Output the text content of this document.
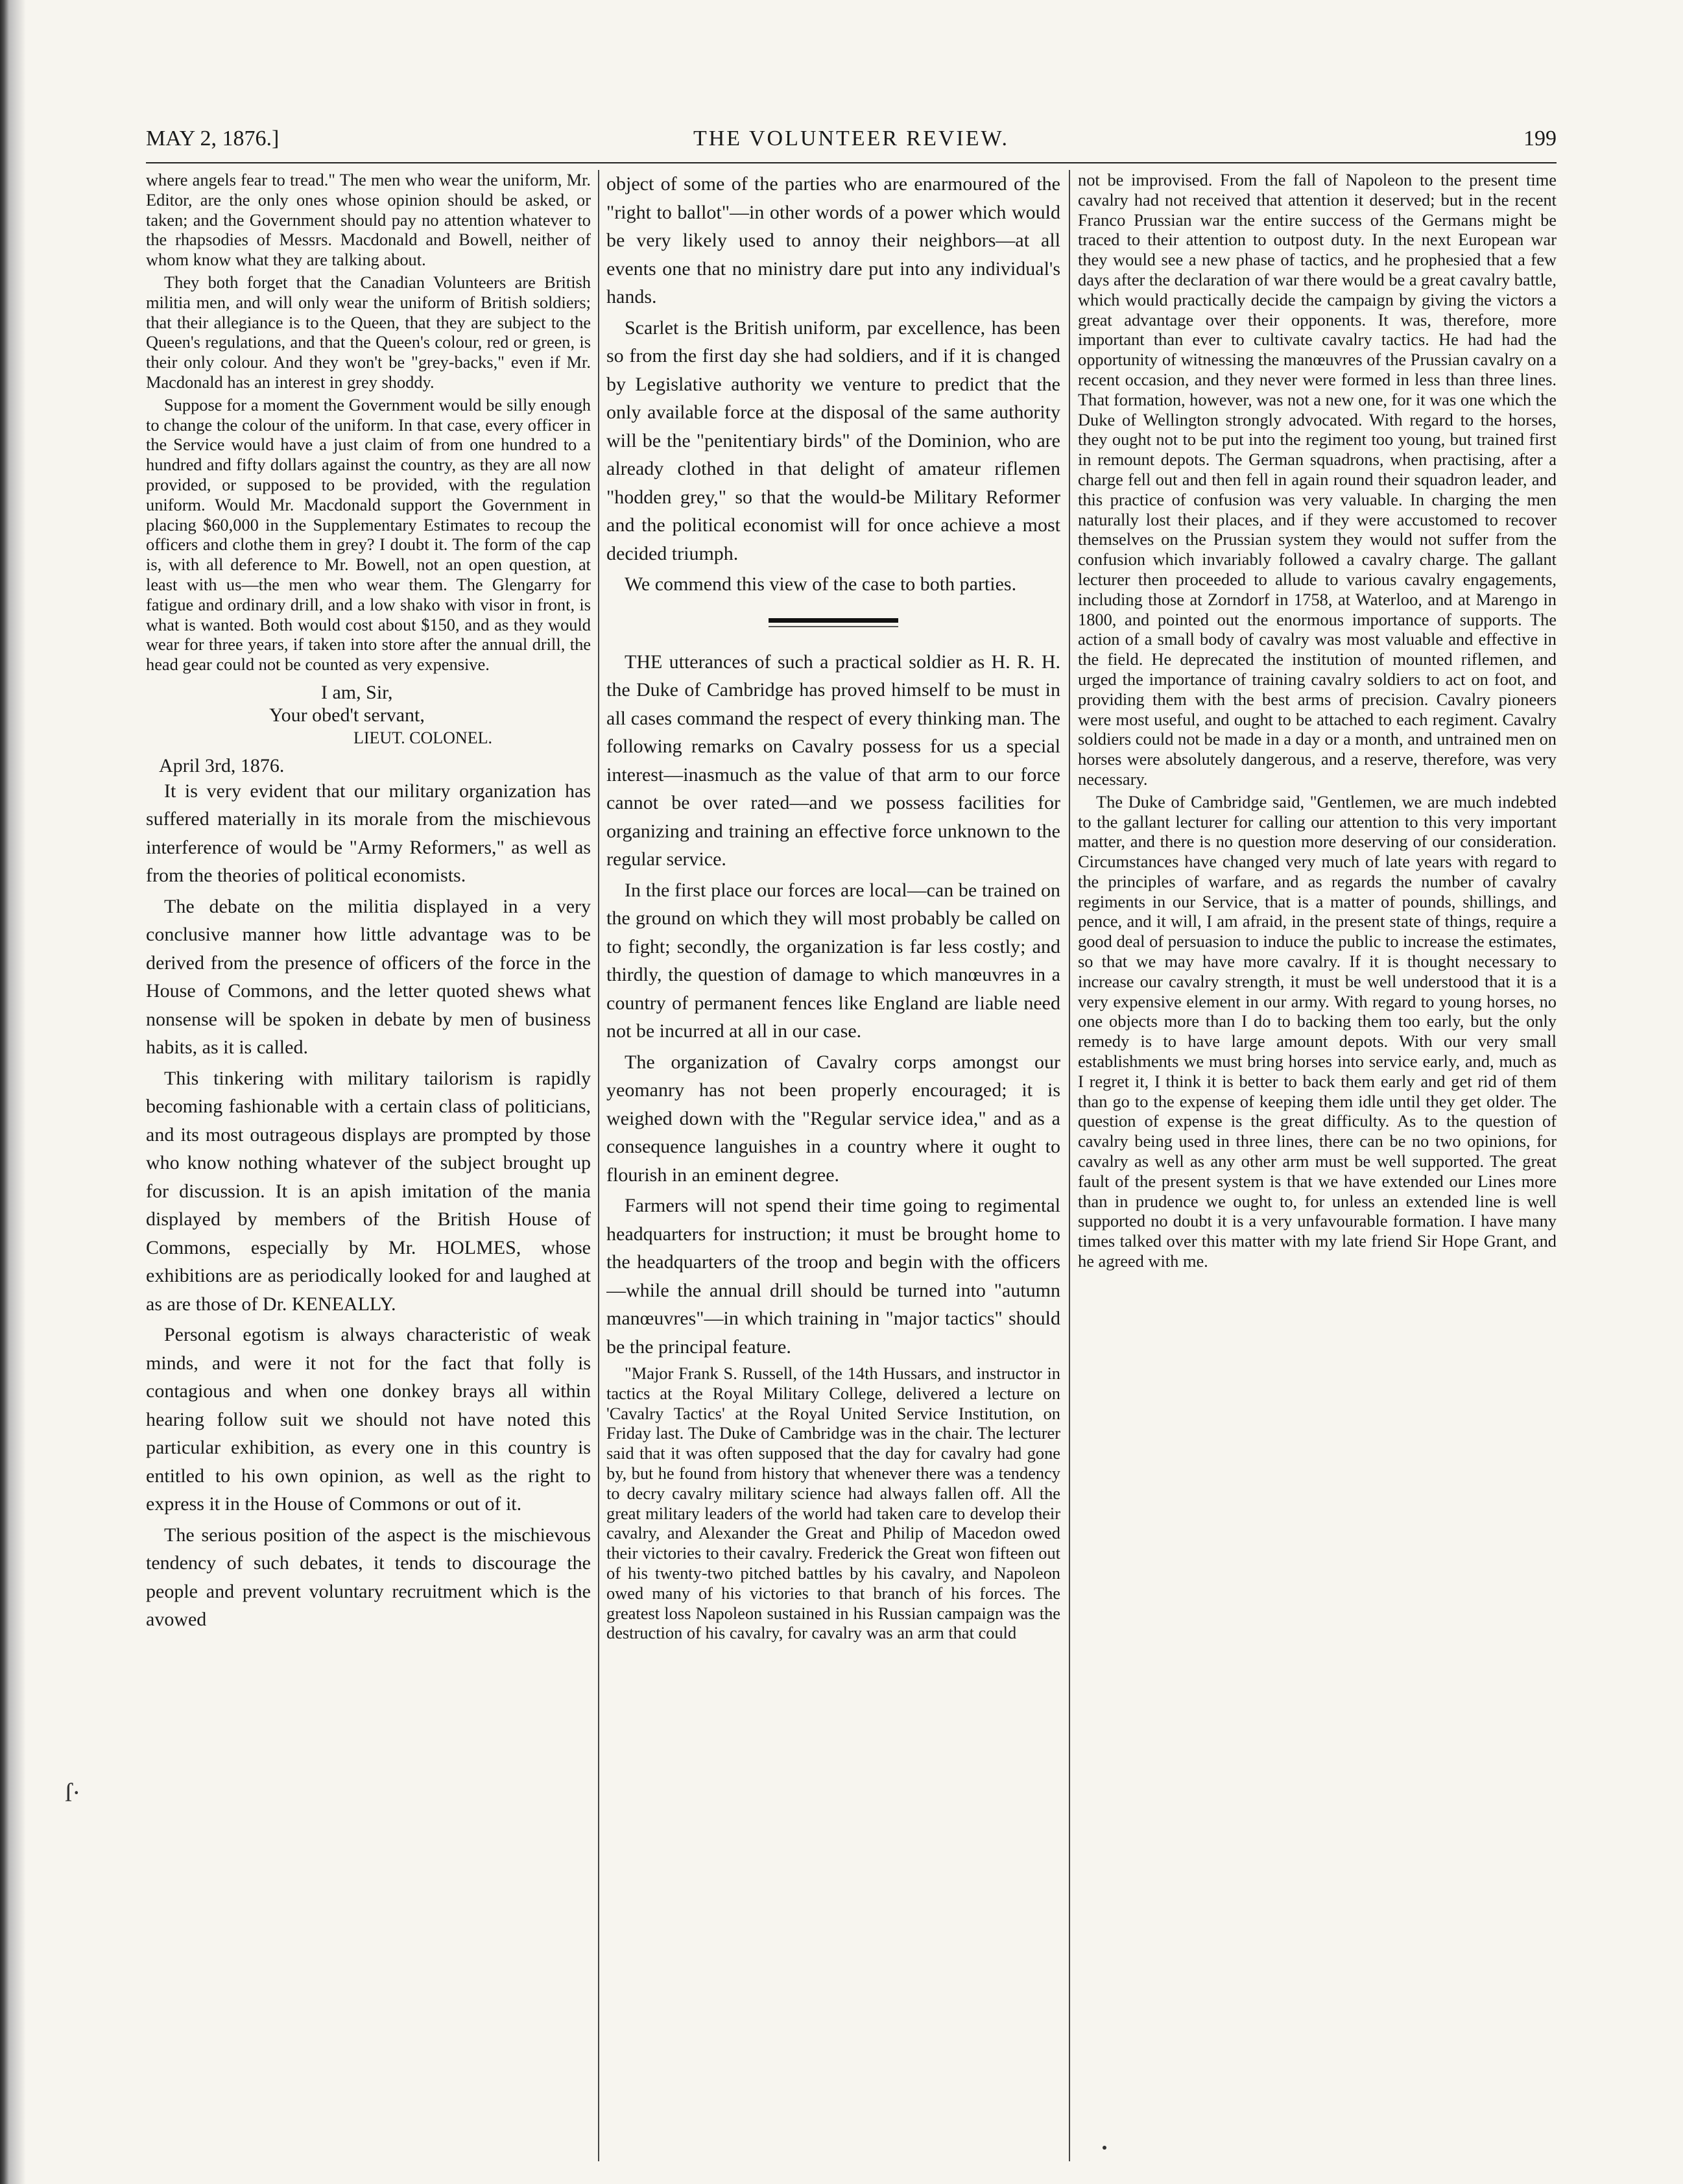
MAY 2, 1876.]	THE VOLUNTEER REVIEW.	199

where angels fear to tread." The men who wear the uniform, Mr. Editor, are the only ones whose opinion should be asked, or taken; and the Government should pay no attention whatever to the rhapsodies of Messrs. Macdonald and Bowell, neither of whom know what they are talking about.

They both forget that the Canadian Volunteers are British militia men, and will only wear the uniform of British soldiers; that their allegiance is to the Queen, that they are subject to the Queen's regulations, and that the Queen's colour, red or green, is their only colour. And they won't be "grey-backs," even if Mr. Macdonald has an interest in grey shoddy.

Suppose for a moment the Government would be silly enough to change the colour of the uniform. In that case, every officer in the Service would have a just claim of from one hundred to a hundred and fifty dollars against the country, as they are all now provided, or supposed to be provided, with the regulation uniform. Would Mr. Macdonald support the Government in placing $60,000 in the Supplementary Estimates to recoup the officers and clothe them in grey? I doubt it. The form of the cap is, with all deference to Mr. Bowell, not an open question, at least with us—the men who wear them. The Glengarry for fatigue and ordinary drill, and a low shako with visor in front, is what is wanted. Both would cost about $150, and as they would wear for three years, if taken into store after the annual drill, the head gear could not be counted as very expensive.

I am, Sir,
Your obed't servant,
LIEUT. COLONEL.
April 3rd, 1876.

It is very evident that our military organization has suffered materially in its morale from the mischievous interference of would be "Army Reformers," as well as from the theories of political economists.

The debate on the militia displayed in a very conclusive manner how little advantage was to be derived from the presence of officers of the force in the House of Commons, and the letter quoted shews what nonsense will be spoken in debate by men of business habits, as it is called.

This tinkering with military tailorism is rapidly becoming fashionable with a certain class of politicians, and its most outrageous displays are prompted by those who know nothing whatever of the subject brought up for discussion. It is an apish imitation of the mania displayed by members of the British House of Commons, especially by Mr. HOLMES, whose exhibitions are as periodically looked for and laughed at as are those of Dr. KENEALLY.

Personal egotism is always characteristic of weak minds, and were it not for the fact that folly is contagious and when one donkey brays all within hearing follow suit we should not have noted this particular exhibition, as every one in this country is entitled to his own opinion, as well as the right to express it in the House of Commons or out of it.

The serious position of the aspect is the mischievous tendency of such debates, it tends to discourage the people and prevent voluntary recruitment which is the avowed

object of some of the parties who are enarmoured of the "right to ballot"—in other words of a power which would be very likely used to annoy their neighbors—at all events one that no ministry dare put into any individual's hands.

Scarlet is the British uniform, par excellence, has been so from the first day she had soldiers, and if it is changed by Legislative authority we venture to predict that the only available force at the disposal of the same authority will be the "penitentiary birds" of the Dominion, who are already clothed in that delight of amateur riflemen "hodden grey," so that the would-be Military Reformer and the political economist will for once achieve a most decided triumph.

We commend this view of the case to both parties.

THE utterances of such a practical soldier as H. R. H. the Duke of Cambridge has proved himself to be must in all cases command the respect of every thinking man. The following remarks on Cavalry possess for us a special interest—inasmuch as the value of that arm to our force cannot be over rated—and we possess facilities for organizing and training an effective force unknown to the regular service.

In the first place our forces are local—can be trained on the ground on which they will most probably be called on to fight; secondly, the organization is far less costly; and thirdly, the question of damage to which manœuvres in a country of permanent fences like England are liable need not be incurred at all in our case.

The organization of Cavalry corps amongst our yeomanry has not been properly encouraged; it is weighed down with the "Regular service idea," and as a consequence languishes in a country where it ought to flourish in an eminent degree.

Farmers will not spend their time going to regimental headquarters for instruction; it must be brought home to the headquarters of the troop and begin with the officers—while the annual drill should be turned into "autumn manœuvres"—in which training in "major tactics" should be the principal feature.

"Major Frank S. Russell, of the 14th Hussars, and instructor in tactics at the Royal Military College, delivered a lecture on 'Cavalry Tactics' at the Royal United Service Institution, on Friday last. The Duke of Cambridge was in the chair. The lecturer said that it was often supposed that the day for cavalry had gone by, but he found from history that whenever there was a tendency to decry cavalry military science had always fallen off. All the great military leaders of the world had taken care to develop their cavalry, and Alexander the Great and Philip of Macedon owed their victories to their cavalry. Frederick the Great won fifteen out of his twenty-two pitched battles by his cavalry, and Napoleon owed many of his victories to that branch of his forces. The greatest loss Napoleon sustained in his Russian campaign was the destruction of his cavalry, for cavalry was an arm that could

not be improvised. From the fall of Napoleon to the present time cavalry had not received that attention it deserved; but in the recent Franco Prussian war the entire success of the Germans might be traced to their attention to outpost duty. In the next European war they would see a new phase of tactics, and he prophesied that a few days after the declaration of war there would be a great cavalry battle, which would practically decide the campaign by giving the victors a great advantage over their opponents. It was, therefore, more important than ever to cultivate cavalry tactics. He had had the opportunity of witnessing the manœuvres of the Prussian cavalry on a recent occasion, and they never were formed in less than three lines. That formation, however, was not a new one, for it was one which the Duke of Wellington strongly advocated. With regard to the horses, they ought not to be put into the regiment too young, but trained first in remount depots. The German squadrons, when practising, after a charge fell out and then fell in again round their squadron leader, and this practice of confusion was very valuable. In charging the men naturally lost their places, and if they were accustomed to recover themselves on the Prussian system they would not suffer from the confusion which invariably followed a cavalry charge. The gallant lecturer then proceeded to allude to various cavalry engagements, including those at Zorndorf in 1758, at Waterloo, and at Marengo in 1800, and pointed out the enormous importance of supports. The action of a small body of cavalry was most valuable and effective in the field. He deprecated the institution of mounted riflemen, and urged the importance of training cavalry soldiers to act on foot, and providing them with the best arms of precision. Cavalry pioneers were most useful, and ought to be attached to each regiment. Cavalry soldiers could not be made in a day or a month, and untrained men on horses were absolutely dangerous, and a reserve, therefore, was very necessary.

The Duke of Cambridge said, "Gentlemen, we are much indebted to the gallant lecturer for calling our attention to this very important matter, and there is no question more deserving of our consideration. Circumstances have changed very much of late years with regard to the principles of warfare, and as regards the number of cavalry regiments in our Service, that is a matter of pounds, shillings, and pence, and it will, I am afraid, in the present state of things, require a good deal of persuasion to induce the public to increase the estimates, so that we may have more cavalry. If it is thought necessary to increase our cavalry strength, it must be well understood that it is a very expensive element in our army. With regard to young horses, no one objects more than I do to backing them too early, but the only remedy is to have large amount depots. With our very small establishments we must bring horses into service early, and, much as I regret it, I think it is better to back them early and get rid of them than go to the expense of keeping them idle until they get older. The question of expense is the great difficulty. As to the question of cavalry being used in three lines, there can be no two opinions, for cavalry as well as any other arm must be well supported. The great fault of the present system is that we have extended our Lines more than in prudence we ought to, for unless an extended line is well supported no doubt it is a very unfavourable formation. I have many times talked over this matter with my late friend Sir Hope Grant, and he agreed with me.

ſ·
